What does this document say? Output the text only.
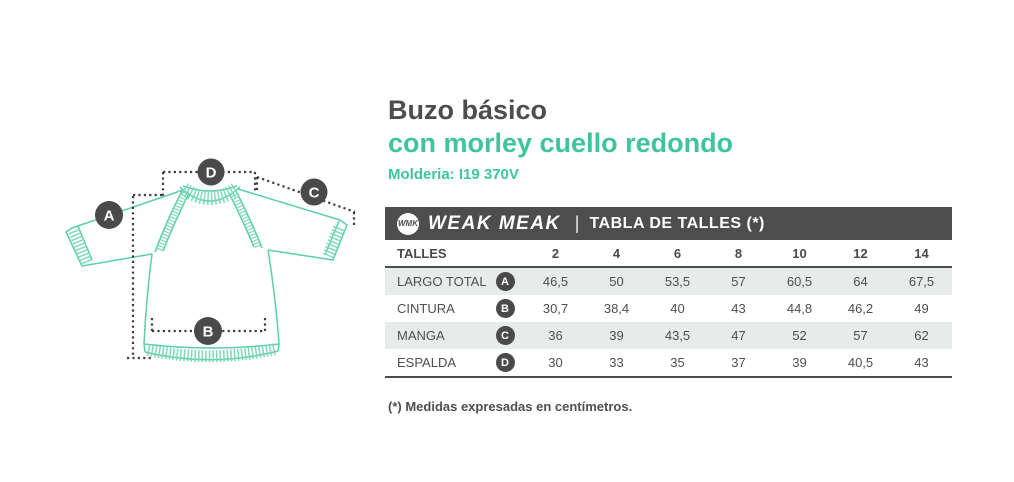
A
B
C
D
Buzo básico
con morley cuello redondo
Molderia: I19 370V
WMK WEAK MEAK | TABLA DE TALLES (*)
TALLES	2	4	6	8	10	12	14
LARGO TOTAL	A	46,5	50	53,5	57	60,5	64	67,5
CINTURA	B	30,7	38,4	40	43	44,8	46,2	49
MANGA	C	36	39	43,5	47	52	57	62
ESPALDA	D	30	33	35	37	39	40,5	43
(*) Medidas expresadas en centímetros.
